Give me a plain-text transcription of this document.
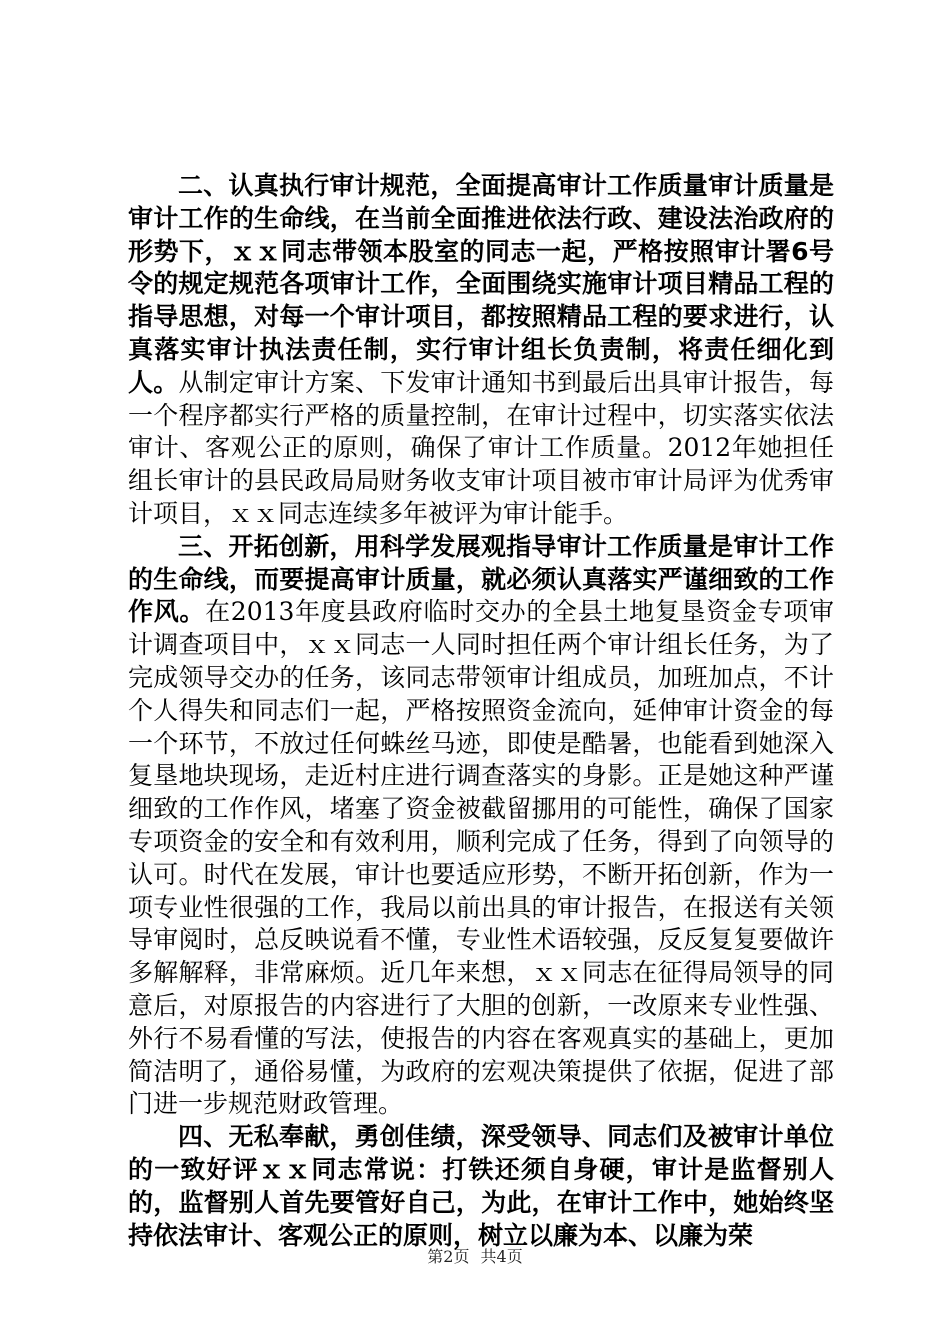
二、认真执行审计规范，全面提高审计工作质量审计质量是审计工作的生命线，在当前全面推进依法行政、建设法治政府的形势下，ｘｘ同志带领本股室的同志一起，严格按照审计署6号令的规定规范各项审计工作，全面围绕实施审计项目精品工程的指导思想，对每一个审计项目，都按照精品工程的要求进行，认真落实审计执法责任制，实行审计组长负责制，将责任细化到人。从制定审计方案、下发审计通知书到最后出具审计报告，每一个程序都实行严格的质量控制，在审计过程中，切实落实依法审计、客观公正的原则，确保了审计工作质量。2012年她担任组长审计的县民政局局财务收支审计项目被市审计局评为优秀审计项目，ｘｘ同志连续多年被评为审计能手。

三、开拓创新，用科学发展观指导审计工作质量是审计工作的生命线，而要提高审计质量，就必须认真落实严谨细致的工作作风。在2013年度县政府临时交办的全县土地复垦资金专项审计调查项目中，ｘｘ同志一人同时担任两个审计组长任务，为了完成领导交办的任务，该同志带领审计组成员，加班加点，不计个人得失和同志们一起，严格按照资金流向，延伸审计资金的每一个环节，不放过任何蛛丝马迹，即使是酷暑，也能看到她深入复垦地块现场，走近村庄进行调查落实的身影。正是她这种严谨细致的工作作风，堵塞了资金被截留挪用的可能性，确保了国家专项资金的安全和有效利用，顺利完成了任务，得到了向领导的认可。时代在发展，审计也要适应形势，不断开拓创新，作为一项专业性很强的工作，我局以前出具的审计报告，在报送有关领导审阅时，总反映说看不懂，专业性术语较强，反反复复要做许多解解释，非常麻烦。近几年来想，ｘｘ同志在征得局领导的同意后，对原报告的内容进行了大胆的创新，一改原来专业性强、外行不易看懂的写法，使报告的内容在客观真实的基础上，更加简洁明了，通俗易懂，为政府的宏观决策提供了依据，促进了部门进一步规范财政管理。

四、无私奉献，勇创佳绩，深受领导、同志们及被审计单位的一致好评ｘｘ同志常说：打铁还须自身硬，审计是监督别人的，监督别人首先要管好自己，为此，在审计工作中，她始终坚持依法审计、客观公正的原则，树立以廉为本、以廉为荣

第2页 共4页
